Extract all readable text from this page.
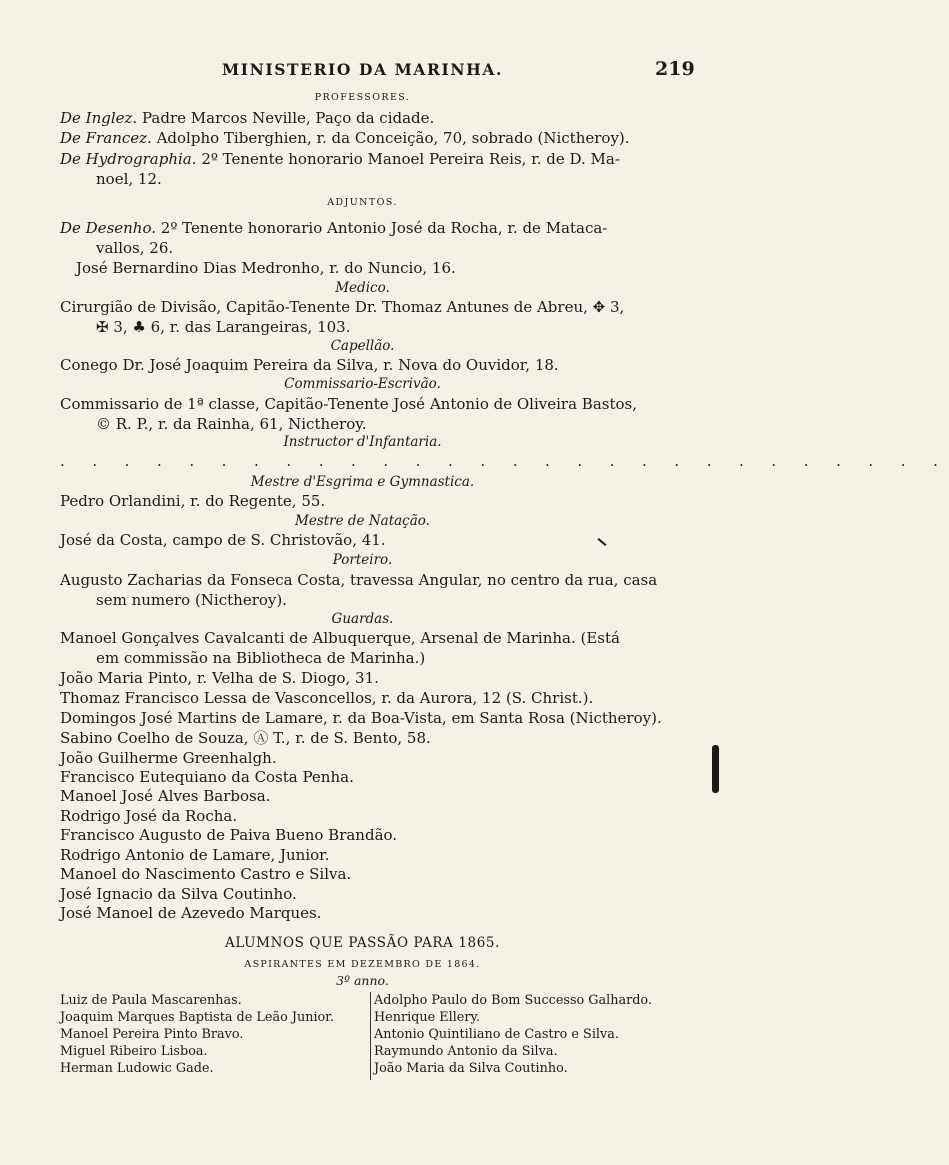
MINISTERIO DA MARINHA.	219
PROFESSORES.
De Inglez. Padre Marcos Neville, Paço da cidade.
De Francez. Adolpho Tiberghien, r. da Conceição, 70, sobrado (Nictheroy).
De Hydrographia. 2º Tenente honorario Manoel Pereira Reis, r. de D. Ma-
noel, 12.
ADJUNTOS.
De Desenho. 2º Tenente honorario Antonio José da Rocha, r. de Mataca-
vallos, 26.
José Bernardino Dias Medronho, r. do Nuncio, 16.
Medico.
Cirurgião de Divisão, Capitão-Tenente Dr. Thomaz Antunes de Abreu, ✥ 3,
✠ 3, ♣ 6, r. das Larangeiras, 103.
Capellão.
Conego Dr. José Joaquim Pereira da Silva, r. Nova do Ouvidor, 18.
Commissario-Escrivão.
Commissario de 1ª classe, Capitão-Tenente José Antonio de Oliveira Bastos,
© R. P., r. da Rainha, 61, Nictheroy.
Instructor d'Infantaria.
. . . . . . . . . . . . . . . . . . . . . . . . . . . .
Mestre d'Esgrima e Gymnastica.
Pedro Orlandini, r. do Regente, 55.
Mestre de Natação.
José da Costa, campo de S. Christovão, 41.
Porteiro.
Augusto Zacharias da Fonseca Costa, travessa Angular, no centro da rua, casa
sem numero (Nictheroy).
Guardas.
Manoel Gonçalves Cavalcanti de Albuquerque, Arsenal de Marinha. (Está
em commissão na Bibliotheca de Marinha.)
João Maria Pinto, r. Velha de S. Diogo, 31.
Thomaz Francisco Lessa de Vasconcellos, r. da Aurora, 12 (S. Christ.).
Domingos José Martins de Lamare, r. da Boa-Vista, em Santa Rosa (Nictheroy).
Sabino Coelho de Souza, Ⓐ T., r. de S. Bento, 58.
João Guilherme Greenhalgh.
Francisco Eutequiano da Costa Penha.
Manoel José Alves Barbosa.
Rodrigo José da Rocha.
Francisco Augusto de Paiva Bueno Brandão.
Rodrigo Antonio de Lamare, Junior.
Manoel do Nascimento Castro e Silva.
José Ignacio da Silva Coutinho.
José Manoel de Azevedo Marques.
ALUMNOS QUE PASSÃO PARA 1865.
ASPIRANTES EM DEZEMBRO DE 1864.
3º anno.
Luiz de Paula Mascarenhas.
Joaquim Marques Baptista de Leão Junior.
Manoel Pereira Pinto Bravo.
Miguel Ribeiro Lisboa.
Herman Ludowic Gade.
Adolpho Paulo do Bom Successo Galhardo.
Henrique Ellery.
Antonio Quintiliano de Castro e Silva.
Raymundo Antonio da Silva.
João Maria da Silva Coutinho.
